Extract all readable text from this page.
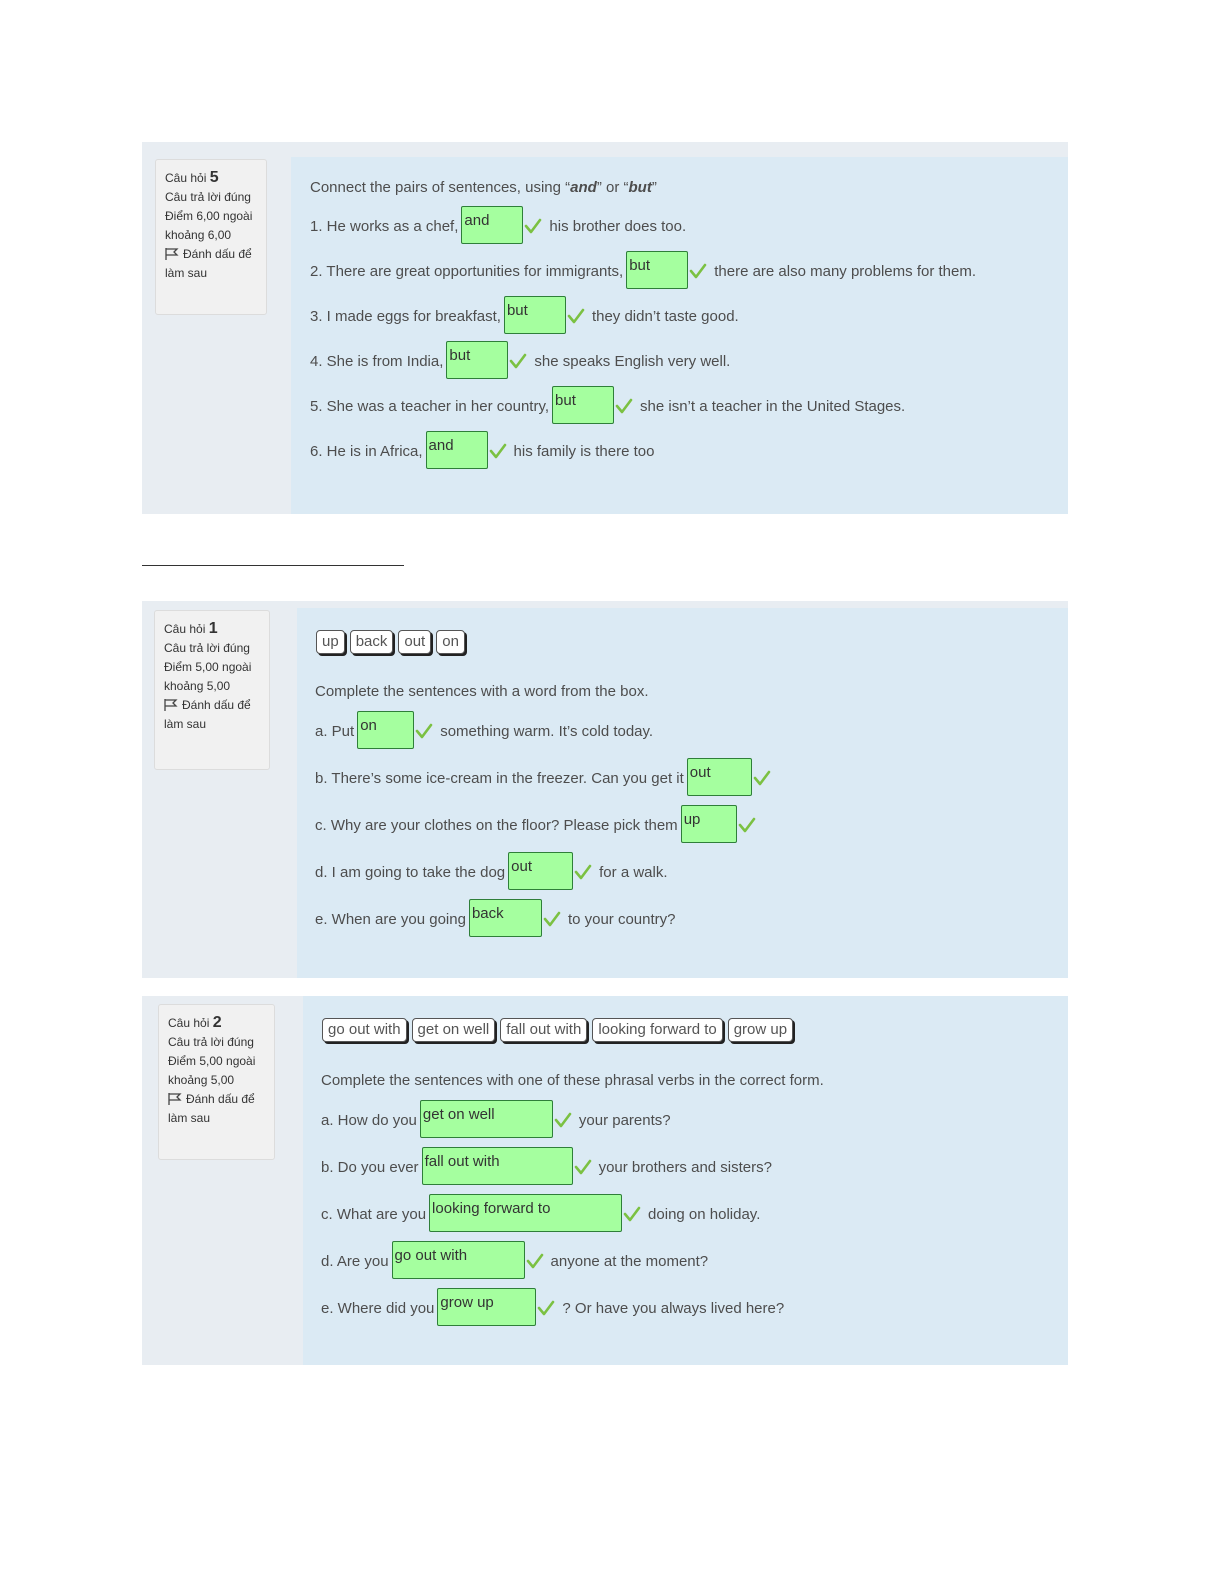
Câu hỏi 5
Câu trả lời đúng
Điểm 6,00 ngoài khoảng 6,00
Đánh dấu để làm sau
Connect the pairs of sentences, using “and” or “but”
1. He works as a chef, and	his brother does too.
2. There are great opportunities for immigrants, but	there are also many problems for them.
3. I made eggs for breakfast, but	they didn’t taste good.
4. She is from India, but	she speaks English very well.
5. She was a teacher in her country, but	she isn’t a teacher in the United Stages.
6. He is in Africa, and	his family is there too
Câu hỏi 1
Câu trả lời đúng
Điểm 5,00 ngoài khoảng 5,00
Đánh dấu để làm sau
up	back	out	on
Complete the sentences with a word from the box.
a. Put on	something warm. It’s cold today.
b. There’s some ice-cream in the freezer. Can you get it out
c. Why are your clothes on the floor? Please pick them up
d. I am going to take the dog out	for a walk.
e. When are you going back	to your country?
Câu hỏi 2
Câu trả lời đúng
Điểm 5,00 ngoài khoảng 5,00
Đánh dấu để làm sau
go out with	get on well	fall out with	looking forward to	grow up
Complete the sentences with one of these phrasal verbs in the correct form.
a. How do you get on well	your parents?
b. Do you ever fall out with	your brothers and sisters?
c. What are you looking forward to	doing on holiday.
d. Are you go out with	anyone at the moment?
e. Where did you grow up	? Or have you always lived here?
